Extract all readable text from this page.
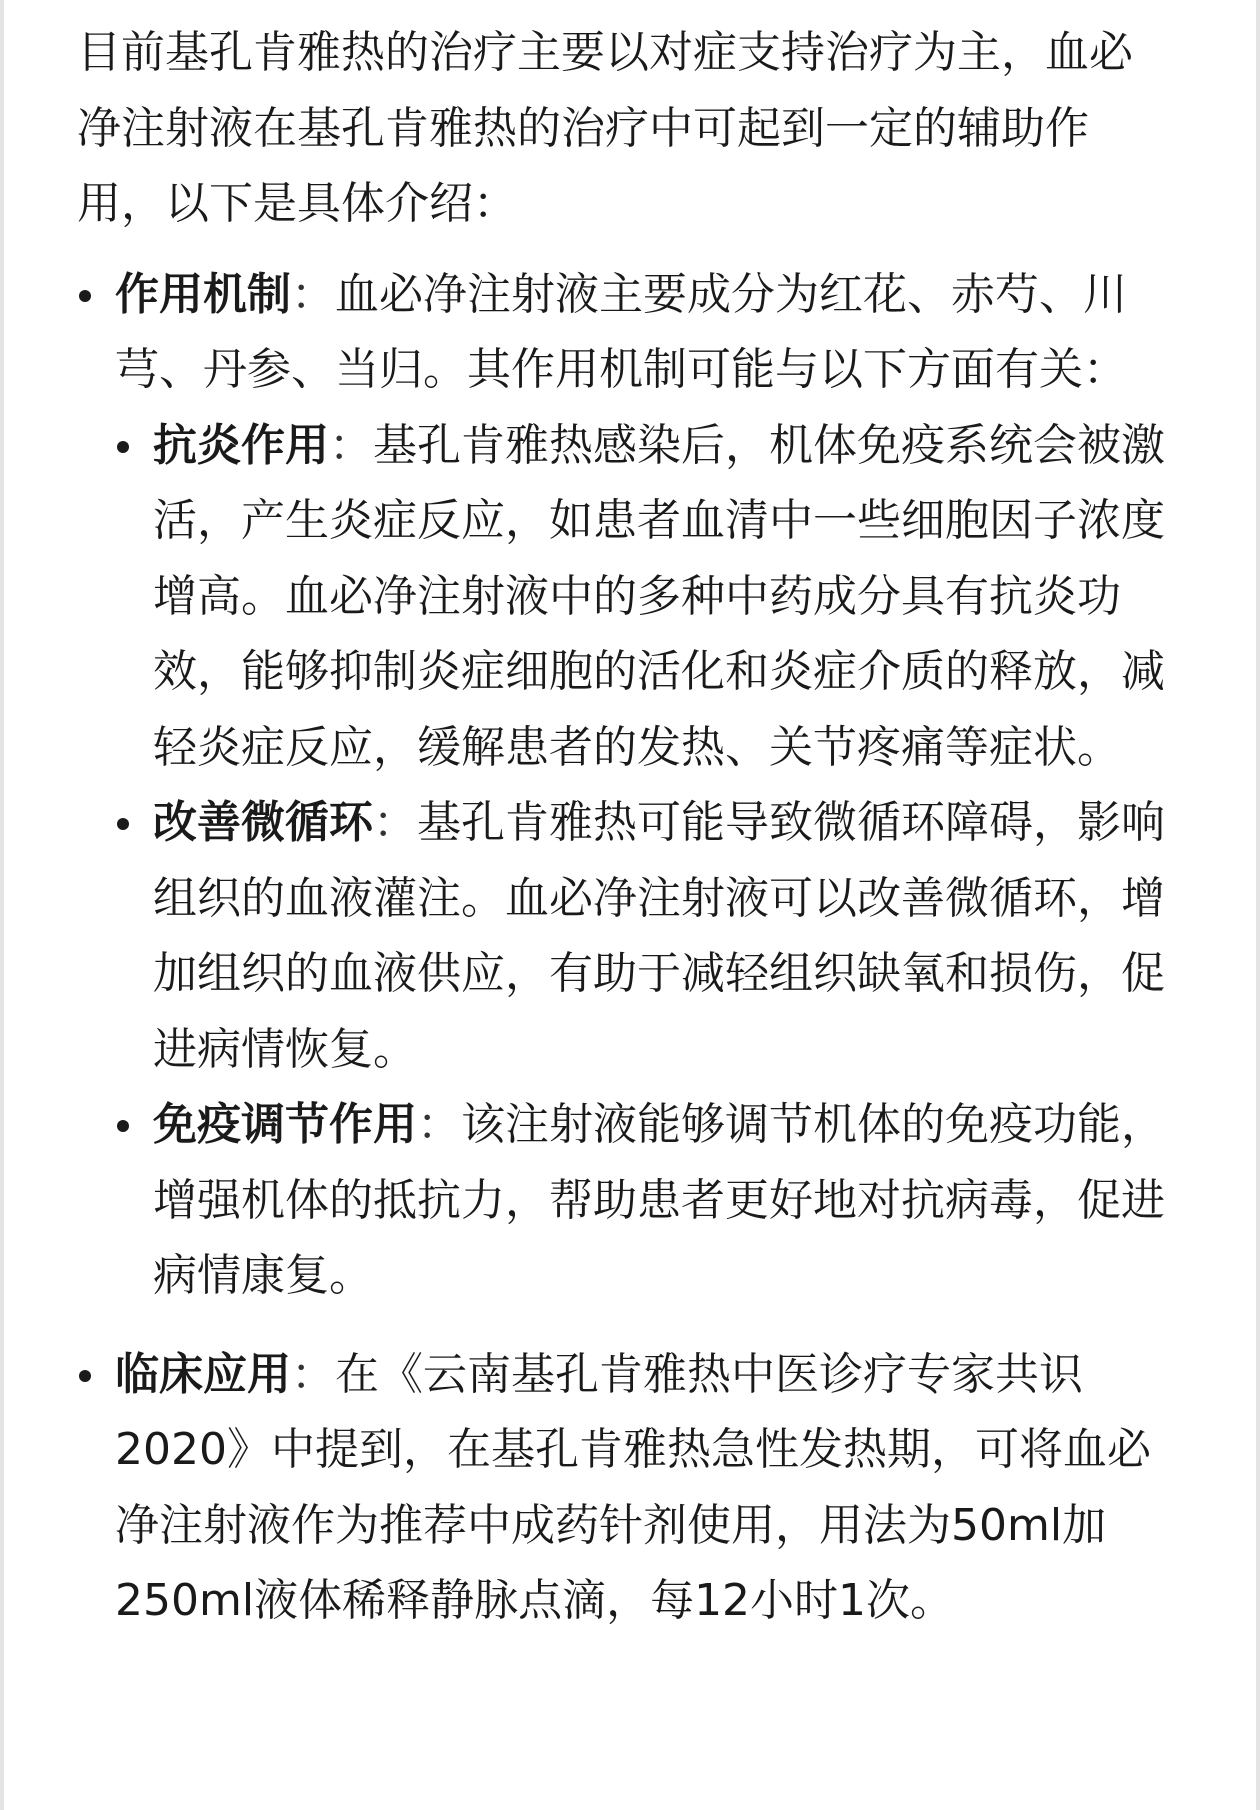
目前基孔肯雅热的治疗主要以对症支持治疗为主，血必净注射液在基孔肯雅热的治疗中可起到一定的辅助作用，以下是具体介绍：

作用机制：血必净注射液主要成分为红花、赤芍、川芎、丹参、当归。其作用机制可能与以下方面有关：
抗炎作用：基孔肯雅热感染后，机体免疫系统会被激活，产生炎症反应，如患者血清中一些细胞因子浓度增高。血必净注射液中的多种中药成分具有抗炎功效，能够抑制炎症细胞的活化和炎症介质的释放，减轻炎症反应，缓解患者的发热、关节疼痛等症状。
改善微循环：基孔肯雅热可能导致微循环障碍，影响组织的血液灌注。血必净注射液可以改善微循环，增加组织的血液供应，有助于减轻组织缺氧和损伤，促进病情恢复。
免疫调节作用：该注射液能够调节机体的免疫功能，增强机体的抵抗力，帮助患者更好地对抗病毒，促进病情康复。
临床应用：在《云南基孔肯雅热中医诊疗专家共识2020》中提到，在基孔肯雅热急性发热期，可将血必净注射液作为推荐中成药针剂使用，用法为50ml加250ml液体稀释静脉点滴，每12小时1次。
